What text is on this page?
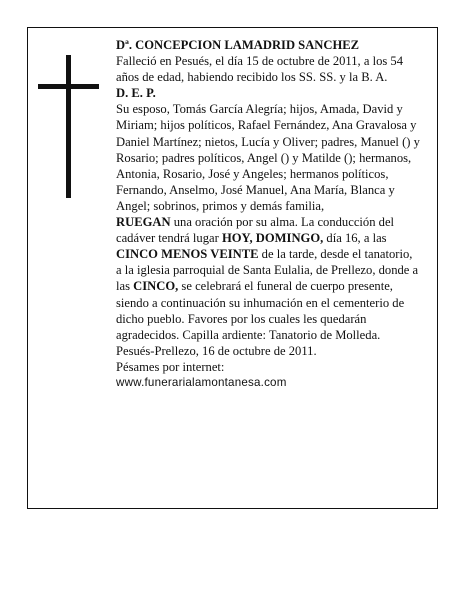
Dª. CONCEPCION LAMADRID SANCHEZ

Falleció en Pesués, el día 15 de octubre de 2011, a los 54 años de edad, habiendo recibido los SS. SS. y la B. A.

D. E. P.

Su esposo, Tomás García Alegría; hijos, Amada, David y Miriam; hijos políticos, Rafael Fernández, Ana Gravalosa y Daniel Martínez; nietos, Lucía y Oliver; padres, Manuel () y Rosario; padres políticos, Angel () y Matilde (); hermanos, Antonia, Rosario, José y Angeles; hermanos políticos, Fernando, Anselmo, José Manuel, Ana María, Blanca y Angel; sobrinos, primos y demás familia,

RUEGAN una oración por su alma. La conducción del cadáver tendrá lugar HOY, DOMINGO, día 16, a las CINCO MENOS VEINTE de la tarde, desde el tanatorio, a la iglesia parroquial de Santa Eulalia, de Prellezo, donde a las CINCO, se celebrará el funeral de cuerpo presente, siendo a continuación su inhumación en el cementerio de dicho pueblo. Favores por los cuales les quedarán agradecidos. Capilla ardiente: Tanatorio de Molleda.

Pesués-Prellezo, 16 de octubre de 2011.

Pésames por internet:

www.funerarialamontanesa.com
